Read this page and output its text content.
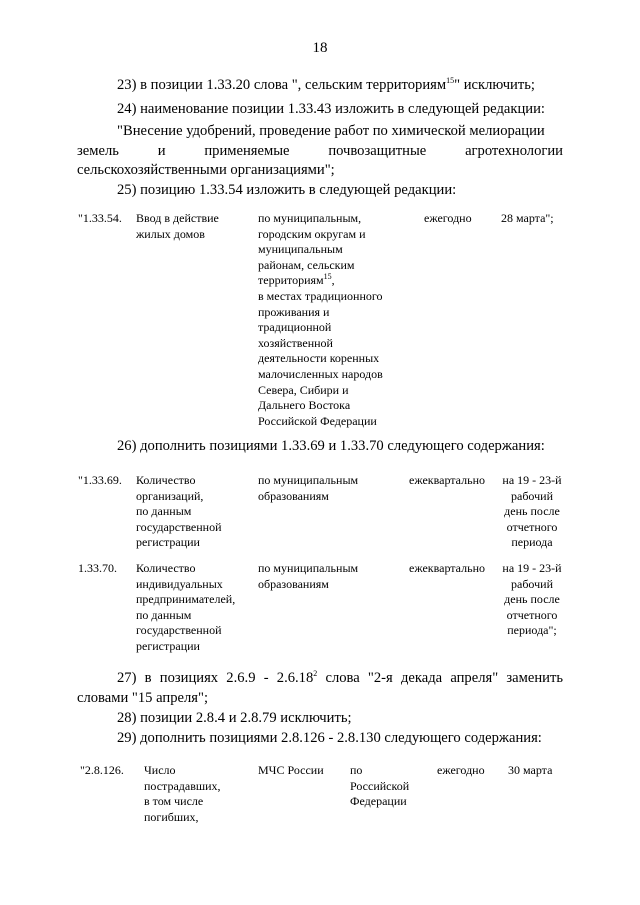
18
23) в позиции 1.33.20 слова ", сельским территориям$^{15}$" исключить;
24) наименование позиции 1.33.43 изложить в следующей редакции:
"Внесение удобрений, проведение работ по химической мелиорации
земель и применяемые почвозащитные агротехнологии
сельскохозяйственными организациями";
25) позицию 1.33.54 изложить в следующей редакции:
"1.33.54. Ввод в действие
жилых домов
по муниципальным,
городским округам и
муниципальным
районам, сельским
территориям$^{15}$,
в местах традиционного
проживания и
традиционной
хозяйственной
деятельности коренных
малочисленных народов
Севера, Сибири и
Дальнего Востока
Российской Федерации
ежегодно 28 марта";
26) дополнить позициями 1.33.69 и 1.33.70 следующего содержания:
"1.33.69. Количество
организаций,
по данным
государственной
регистрации
по муниципальным
образованиям
ежеквартально	на 19 - 23-й
рабочий
день после
отчетного
периода
1.33.70. Количество
индивидуальных
предпринимателей,
по данным
государственной
регистрации
по муниципальным
образованиям
ежеквартально	на 19 - 23-й
рабочий
день после
отчетного
периода";
27) в позициях 2.6.9 - 2.6.18$^2$ слова "2-я декада апреля" заменить
словами "15 апреля";
28) позиции 2.8.4 и 2.8.79 исключить;
29) дополнить позициями 2.8.126 - 2.8.130 следующего содержания:
"2.8.126. Число
пострадавших,
в том числе
погибших,
МЧС России по
Российской
Федерации
ежегодно 30 марта
